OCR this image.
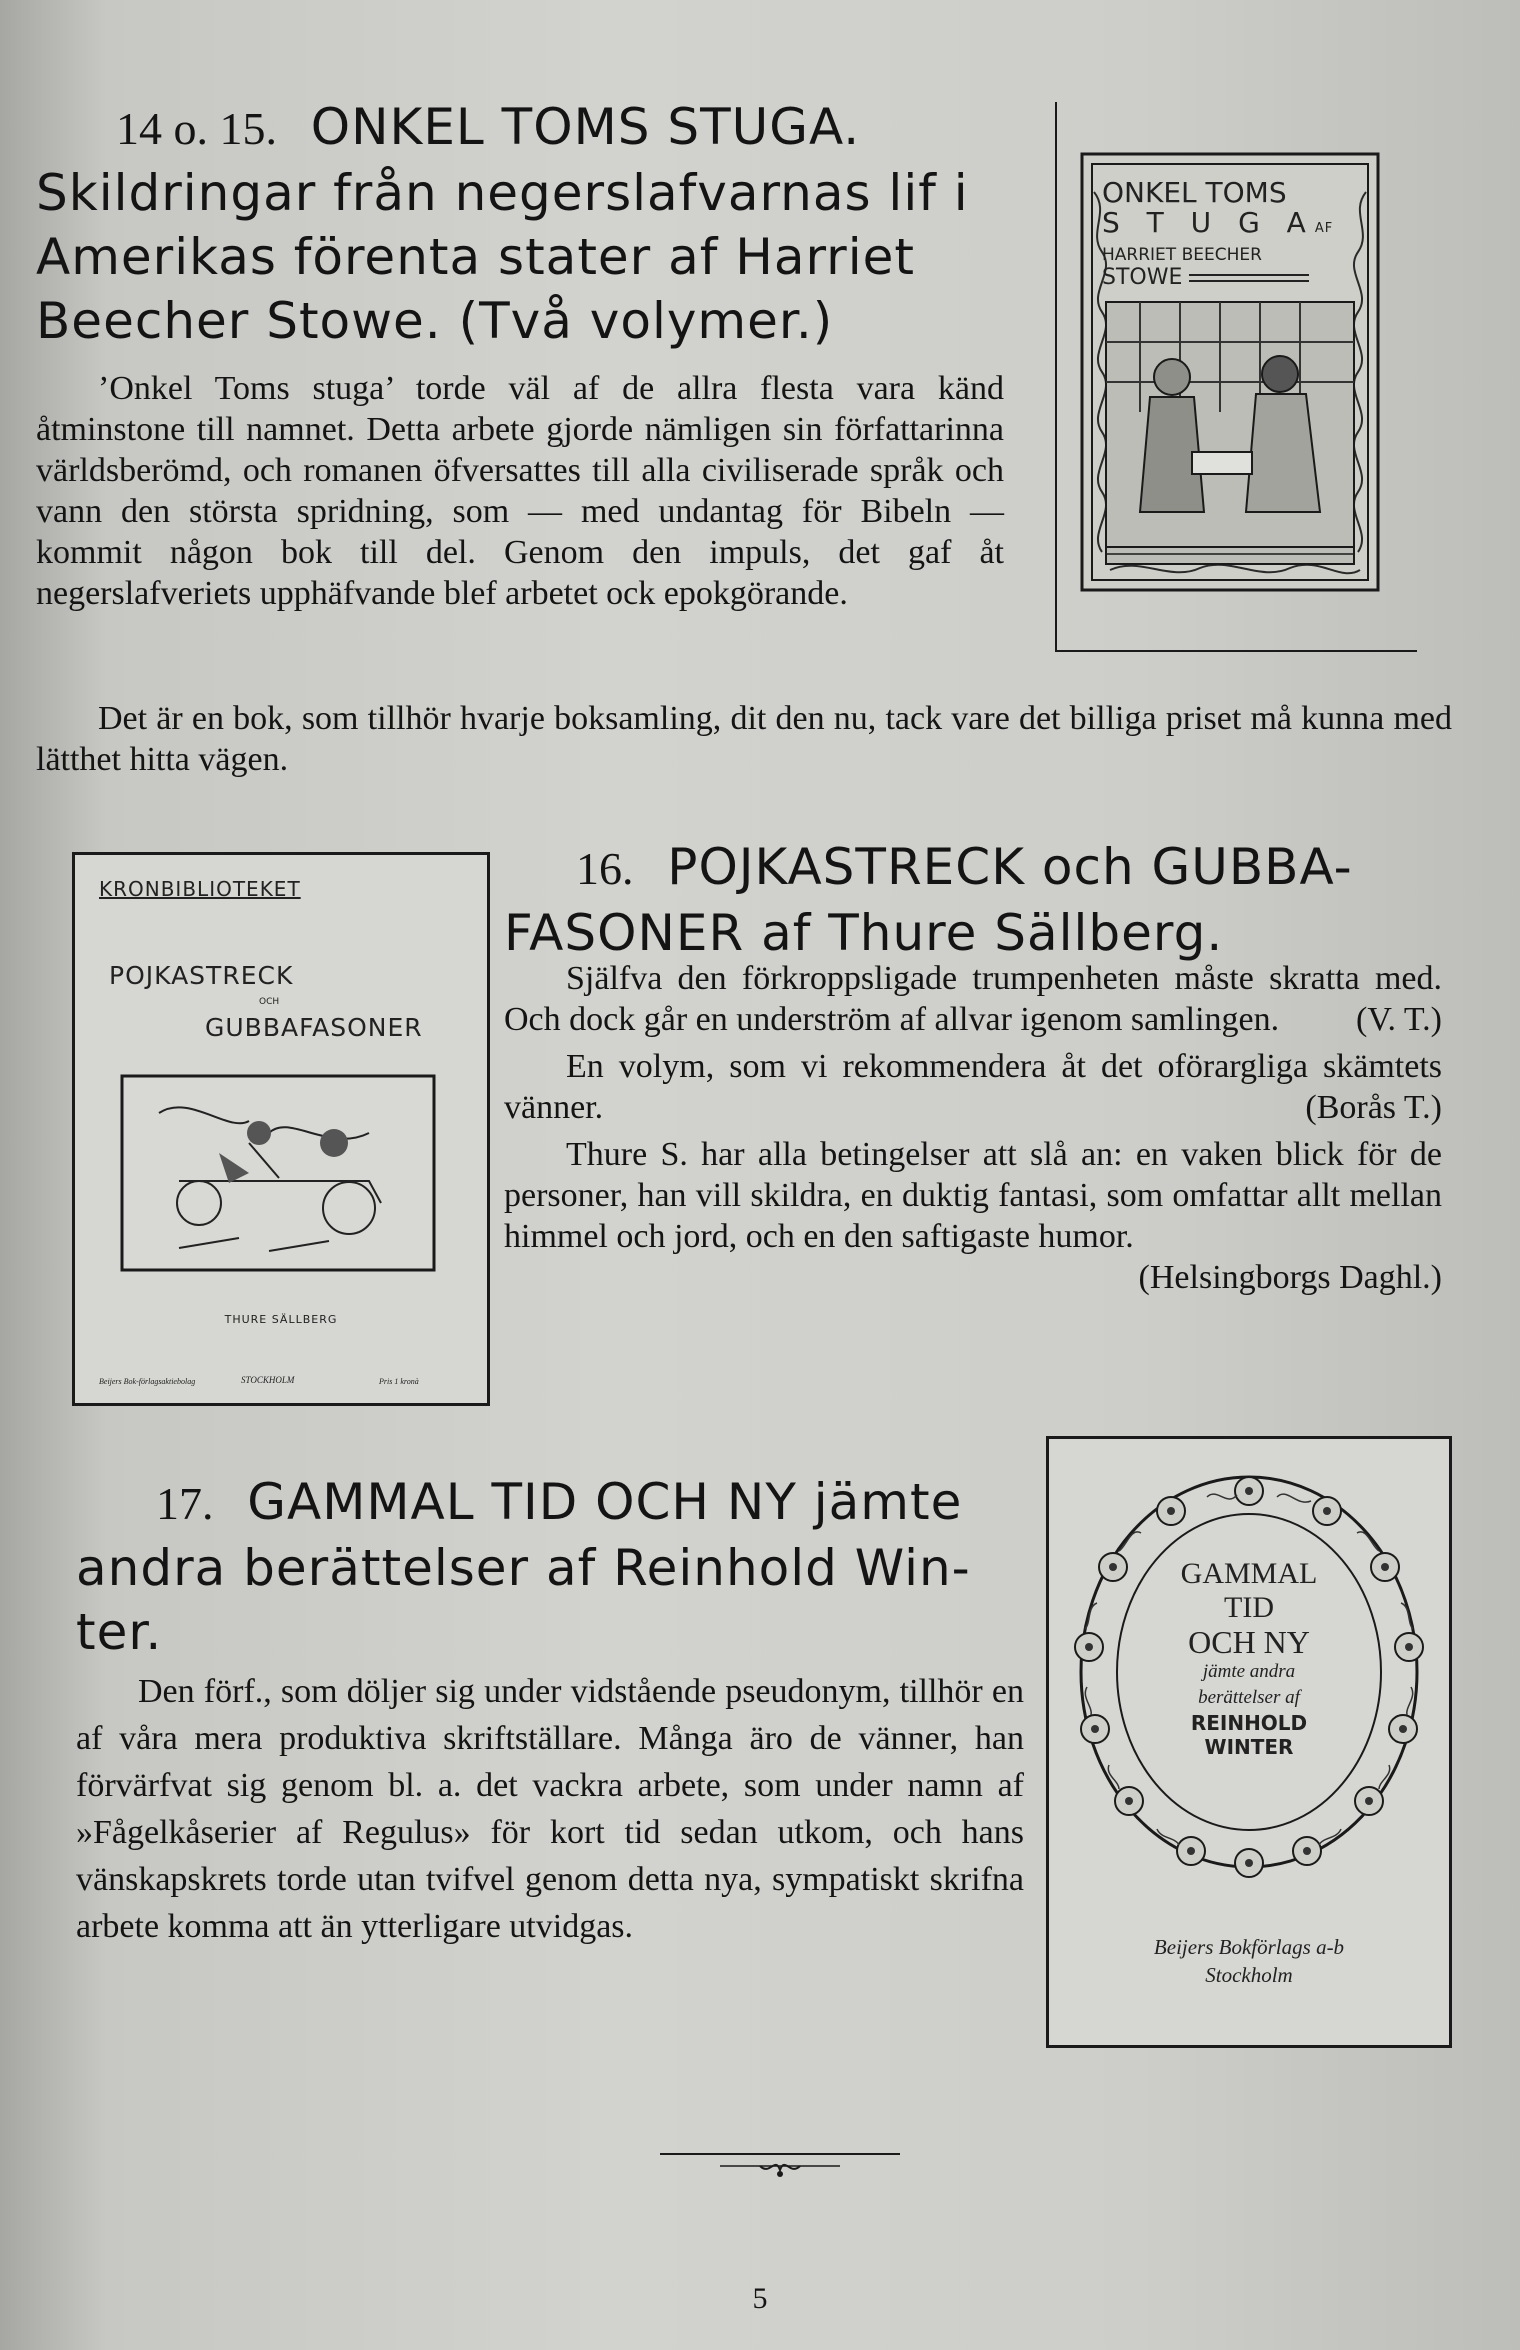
14 o. 15. ONKEL TOMS STUGA.
Skildringar från negerslafvarnas lif i
Amerikas förenta stater af Harriet
Beecher Stowe. (Två volymer.)

’Onkel Toms stuga’ torde väl af de allra flesta vara känd åtminstone till namnet. Detta arbete gjorde nämligen sin författarinna världsberömd, och romanen öfversattes till alla civiliserade språk och vann den största spridning, som — med undantag för Bibeln — kommit någon bok till del. Genom den impuls, det gaf åt negerslafveriets upphäfvande blef arbetet ock epokgörande.

Det är en bok, som tillhör hvarje boksamling, dit den nu, tack vare det billiga priset må kunna med lätthet hitta vägen.

ONKEL TOMS
S T U G AAF
HARRIET BEECHER
STOWE
KRONBIBLIOTEKET
POJKASTRECK
OCH
GUBBAFASONER
THURE SÄLLBERG
Beijers Bok-förlagsaktiebolag	STOCKHOLM	Pris 1 kronà
16. POJKASTRECK och GUBBA-
FASONER af Thure Sällberg.

Själfva den förkroppsligade trumpenheten måste skratta med. Och dock går en underström af allvar igenom samlingen.	(V. T.)

En volym, som vi rekommendera åt det oförargliga skämtets vänner.	(Borås T.)

Thure S. har alla betingelser att slå an: en vaken blick för de personer, han vill skildra, en duktig fantasi, som omfattar allt mellan himmel och jord, och en den saftigaste humor.

(Helsingborgs Daghl.)
17. GAMMAL TID OCH NY jämte
andra berättelser af Reinhold Win-
ter.

Den förf., som döljer sig under vidstående pseudonym, tillhör en af våra mera produktiva skriftställare. Många äro de vänner, han förvärfvat sig genom bl. a. det vackra arbete, som under namn af »Fågelkåserier af Regulus» för kort tid sedan utkom, och hans vänskapskrets torde utan tvifvel genom detta nya, sympatiskt skrifna arbete komma att än ytterligare utvidgas.

GAMMAL
TID
OCH NY
jämte andra
berättelser af
REINHOLD
WINTER
Beijers Bokförlags a-b
Stockholm
5
